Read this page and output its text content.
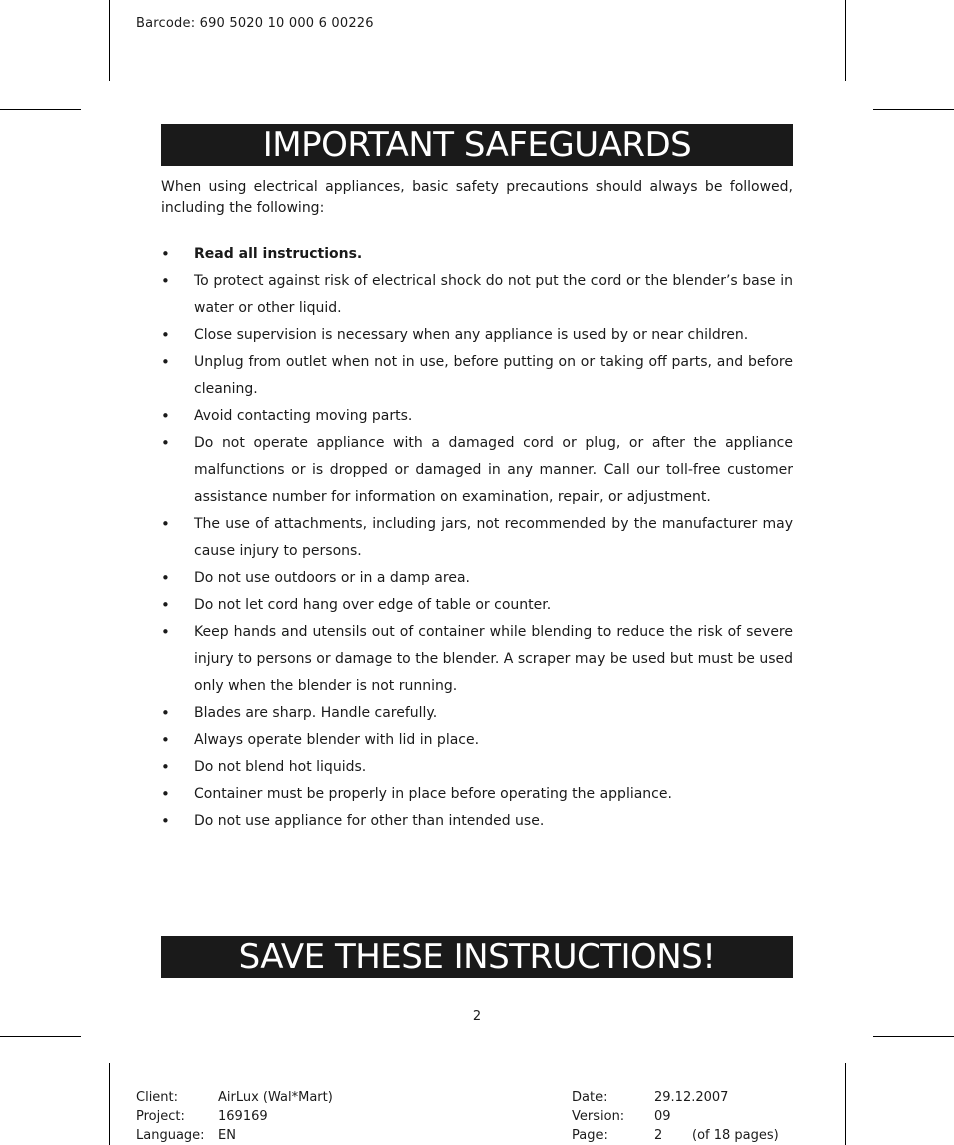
Barcode: 690 5020 10 000 6 00226
IMPORTANT SAFEGUARDS

When using electrical appliances, basic safety precautions should always be followed, including the following:

• Read all instructions.
• To protect against risk of electrical shock do not put the cord or the blender’s base in water or other liquid.
• Close supervision is necessary when any appliance is used by or near children.
• Unplug from outlet when not in use, before putting on or taking off parts, and before cleaning.
• Avoid contacting moving parts.
• Do not operate appliance with a damaged cord or plug, or after the appliance malfunctions or is dropped or damaged in any manner. Call our toll-free customer assistance number for information on examination, repair, or adjustment.
• The use of attachments, including jars, not recommended by the manufacturer may cause injury to persons.
• Do not use outdoors or in a damp area.
• Do not let cord hang over edge of table or counter.
• Keep hands and utensils out of container while blending to reduce the risk of severe injury to persons or damage to the blender. A scraper may be used but must be used only when the blender is not running.
• Blades are sharp. Handle carefully.
• Always operate blender with lid in place.
• Do not blend hot liquids.
• Container must be properly in place before operating the appliance.
• Do not use appliance for other than intended use.
SAVE THESE INSTRUCTIONS!
2
Client:	AirLux (Wal*Mart)
Project:	169169
Language: EN
Date:	29.12.2007
Version: 09
Page:	2 (of 18 pages)
